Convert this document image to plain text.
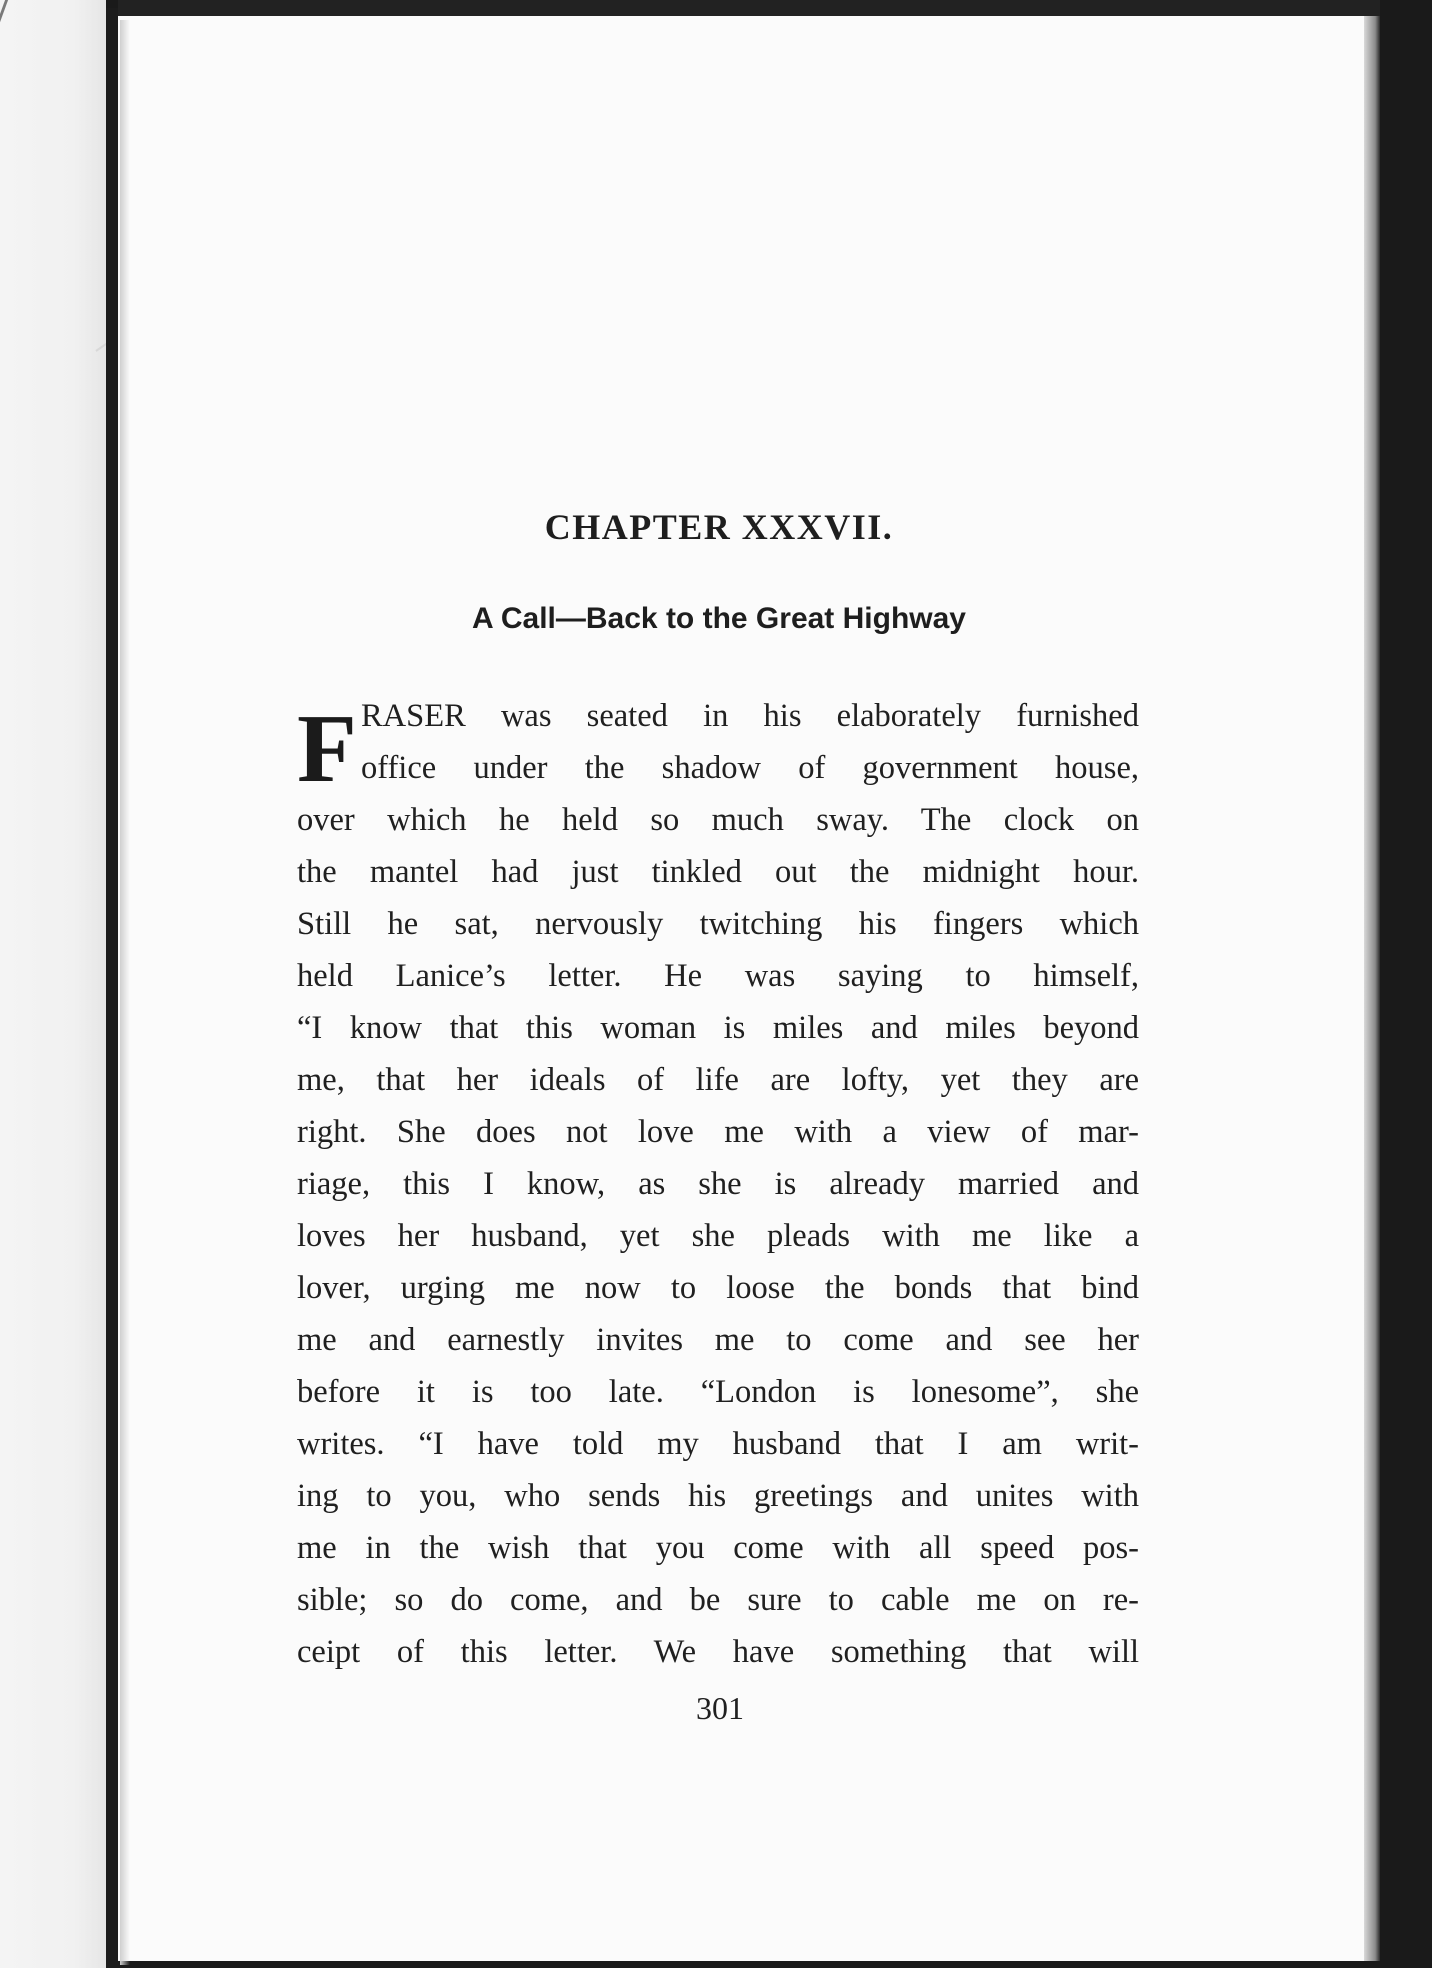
CHAPTER XXXVII.
A Call—Back to the Great Highway
F RASER was seated in his elaborately furnished
office under the shadow of government house,
over which he held so much sway. The clock on
the mantel had just tinkled out the midnight hour.
Still he sat, nervously twitching his fingers which
held Lanice’s letter. He was saying to himself,
“I know that this woman is miles and miles beyond
me, that her ideals of life are lofty, yet they are
right. She does not love me with a view of mar-
riage, this I know, as she is already married and
loves her husband, yet she pleads with me like a
lover, urging me now to loose the bonds that bind
me and earnestly invites me to come and see her
before it is too late. “London is lonesome”, she
writes. “I have told my husband that I am writ-
ing to you, who sends his greetings and unites with
me in the wish that you come with all speed pos-
sible; so do come, and be sure to cable me on re-
ceipt of this letter. We have something that will
301
